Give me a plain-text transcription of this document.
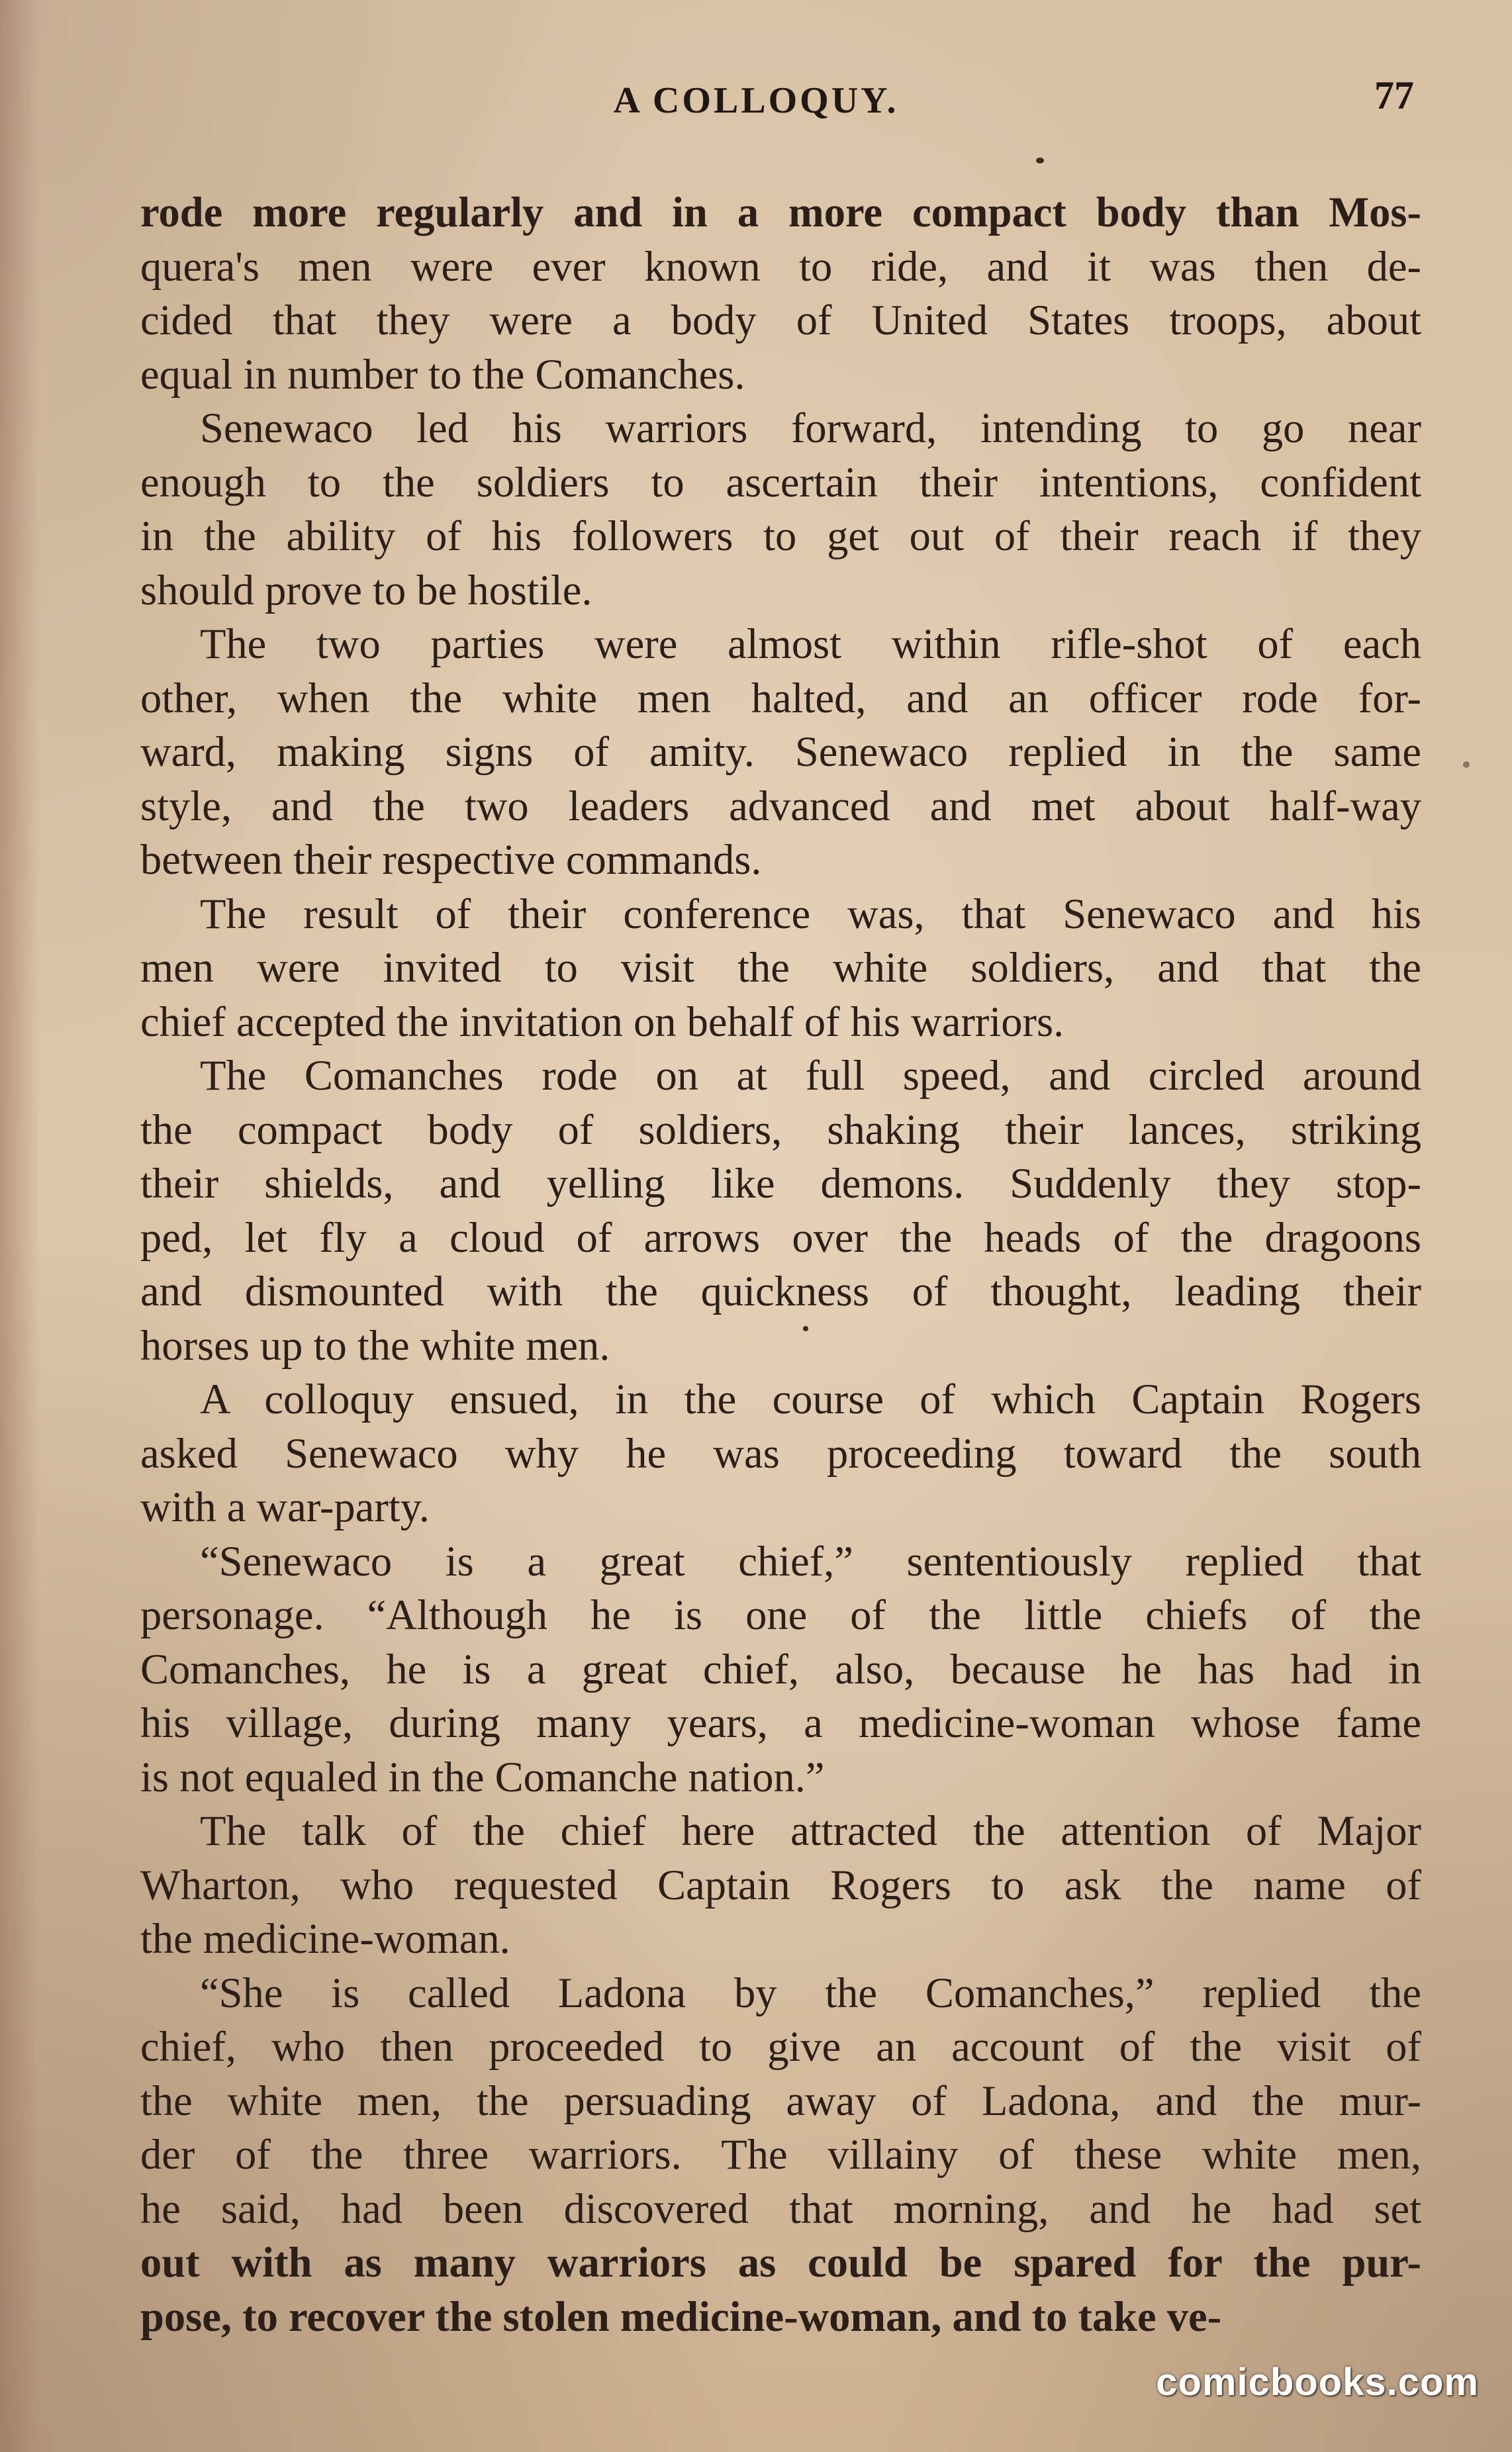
A COLLOQUY.	77
rode more regularly and in a more compact body than Mos-
quera's men were ever known to ride, and it was then de-
cided that they were a body of United States troops, about
equal in number to the Comanches.
Senewaco led his warriors forward, intending to go near
enough to the soldiers to ascertain their intentions, confident
in the ability of his followers to get out of their reach if they
should prove to be hostile.
The two parties were almost within rifle-shot of each
other, when the white men halted, and an officer rode for-
ward, making signs of amity. Senewaco replied in the same
style, and the two leaders advanced and met about half-way
between their respective commands.
The result of their conference was, that Senewaco and his
men were invited to visit the white soldiers, and that the
chief accepted the invitation on behalf of his warriors.
The Comanches rode on at full speed, and circled around
the compact body of soldiers, shaking their lances, striking
their shields, and yelling like demons. Suddenly they stop-
ped, let fly a cloud of arrows over the heads of the dragoons
and dismounted with the quickness of thought, leading their
horses up to the white men.
A colloquy ensued, in the course of which Captain Rogers
asked Senewaco why he was proceeding toward the south
with a war-party.
“Senewaco is a great chief,” sententiously replied that
personage. “Although he is one of the little chiefs of the
Comanches, he is a great chief, also, because he has had in
his village, during many years, a medicine-woman whose fame
is not equaled in the Comanche nation.”
The talk of the chief here attracted the attention of Major
Wharton, who requested Captain Rogers to ask the name of
the medicine-woman.
“She is called Ladona by the Comanches,” replied the
chief, who then proceeded to give an account of the visit of
the white men, the persuading away of Ladona, and the mur-
der of the three warriors. The villainy of these white men,
he said, had been discovered that morning, and he had set
out with as many warriors as could be spared for the pur-
pose, to recover the stolen medicine-woman, and to take ve-
comicbooks.com
